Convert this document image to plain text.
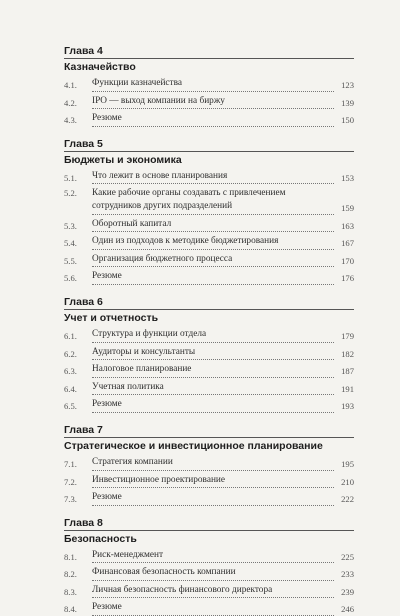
Глава 4
Казначейство
4.1.	Функции казначейства	123
4.2.	IPO — выход компании на биржу	139
4.3.	Резюме	150
Глава 5
Бюджеты и экономика
5.1.	Что лежит в основе планирования	153
5.2.	Какие рабочие органы создавать с привлечением сотрудников других подразделений	159
5.3.	Оборотный капитал	163
5.4.	Один из подходов к методике бюджетирования	167
5.5.	Организация бюджетного процесса	170
5.6.	Резюме	176
Глава 6
Учет и отчетность
6.1.	Структура и функции отдела	179
6.2.	Аудиторы и консультанты	182
6.3.	Налоговое планирование	187
6.4.	Учетная политика	191
6.5.	Резюме	193
Глава 7
Стратегическое и инвестиционное планирование
7.1.	Стратегия компании	195
7.2.	Инвестиционное проектирование	210
7.3.	Резюме	222
Глава 8
Безопасность
8.1.	Риск-менеджмент	225
8.2.	Финансовая безопасность компании	233
8.3.	Личная безопасность финансового директора	239
8.4.	Резюме	246
